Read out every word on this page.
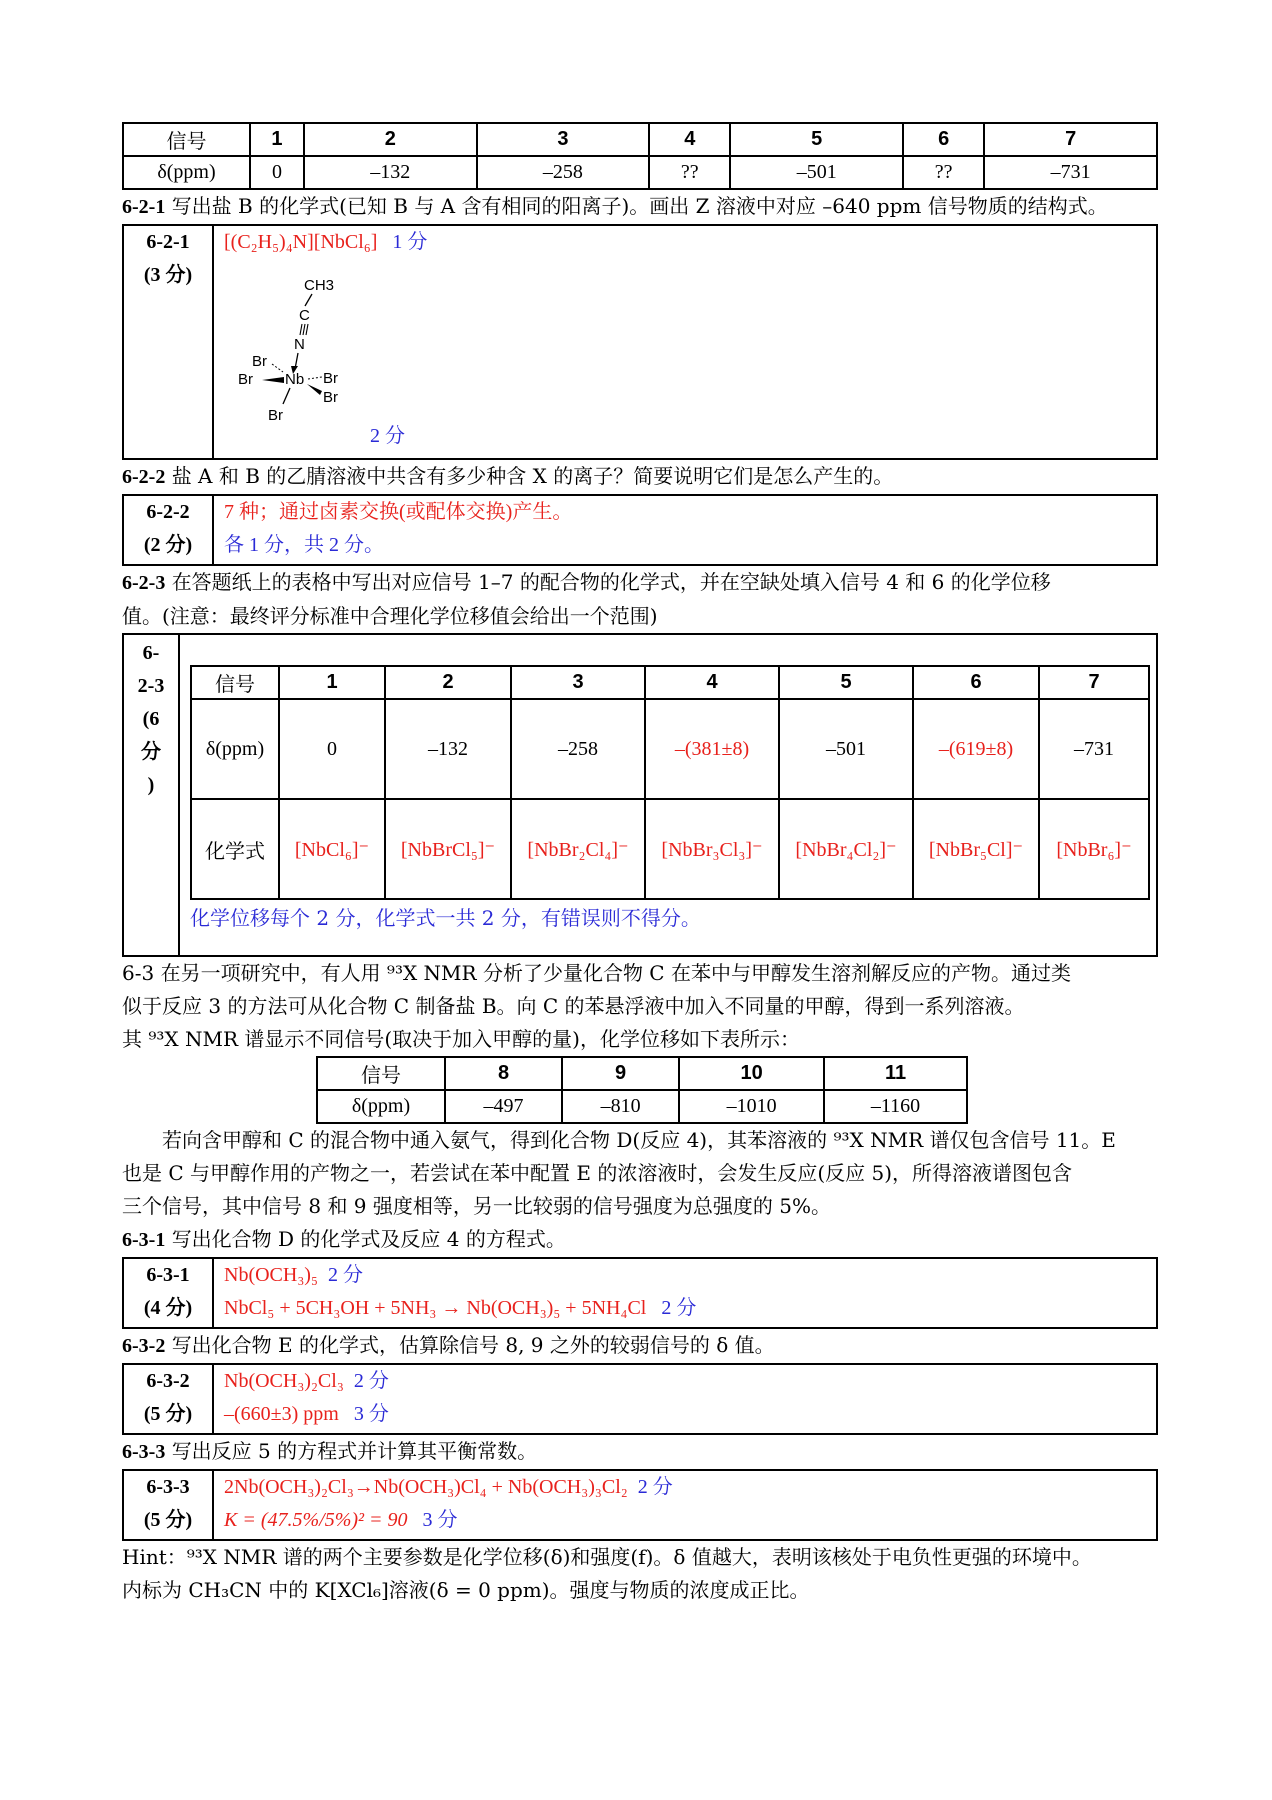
信号	1	2	3	4	5	6	7
δ(ppm)	0	–132	–258	??	–501	??	–731

6-2-1 写出盐 B 的化学式(已知 B 与 A 含有相同的阳离子)。画出 Z 溶液中对应 –640 ppm 信号物质的结构式。

6-2-1
(3 分)
[(C₂H₅)₄N][NbCl₆] 1 分
CH3
C
N
Br
Br Nb Br
Br
Br
2 分

6-2-2 盐 A 和 B 的乙腈溶液中共含有多少种含 X 的离子？简要说明它们是怎么产生的。

6-2-2
(2 分)
7 种；通过卤素交换(或配体交换)产生。
各 1 分，共 2 分。

6-2-3 在答题纸上的表格中写出对应信号 1–7 的配合物的化学式，并在空缺处填入信号 4 和 6 的化学位移
值。(注意：最终评分标准中合理化学位移值会给出一个范围)

6-
2-3
(6
分
)
信号	1	2	3	4	5	6	7
δ(ppm)	0	–132	–258	–(381±8)	–501	–(619±8)	–731
化学式	[NbCl₆]⁻	[NbBrCl₅]⁻	[NbBr₂Cl₄]⁻	[NbBr₃Cl₃]⁻	[NbBr₄Cl₂]⁻	[NbBr₅Cl]⁻	[NbBr₆]⁻
化学位移每个 2 分，化学式一共 2 分，有错误则不得分。

6-3 在另一项研究中，有人用 ⁹³X NMR 分析了少量化合物 C 在苯中与甲醇发生溶剂解反应的产物。通过类
似于反应 3 的方法可从化合物 C 制备盐 B。向 C 的苯悬浮液中加入不同量的甲醇，得到一系列溶液。
其 ⁹³X NMR 谱显示不同信号(取决于加入甲醇的量)，化学位移如下表所示：

信号	8	9	10	11
δ(ppm)	–497	–810	–1010	–1160

若向含甲醇和 C 的混合物中通入氨气，得到化合物 D(反应 4)，其苯溶液的 ⁹³X NMR 谱仅包含信号 11。E
也是 C 与甲醇作用的产物之一，若尝试在苯中配置 E 的浓溶液时，会发生反应(反应 5)，所得溶液谱图包含
三个信号，其中信号 8 和 9 强度相等，另一比较弱的信号强度为总强度的 5%。

6-3-1 写出化合物 D 的化学式及反应 4 的方程式。

6-3-1
(4 分)
Nb(OCH₃)₅ 2 分
NbCl₅ + 5CH₃OH + 5NH₃ → Nb(OCH₃)₅ + 5NH₄Cl 2 分

6-3-2 写出化合物 E 的化学式，估算除信号 8, 9 之外的较弱信号的 δ 值。

6-3-2
(5 分)
Nb(OCH₃)₂Cl₃ 2 分
–(660±3) ppm 3 分

6-3-3 写出反应 5 的方程式并计算其平衡常数。

6-3-3
(5 分)
2Nb(OCH₃)₂Cl₃→Nb(OCH₃)Cl₄ + Nb(OCH₃)₃Cl₂ 2 分
K = (47.5%/5%)² = 90 3 分

Hint：⁹³X NMR 谱的两个主要参数是化学位移(δ)和强度(f)。δ 值越大，表明该核处于电负性更强的环境中。
内标为 CH₃CN 中的 K[XCl₆]溶液(δ = 0 ppm)。强度与物质的浓度成正比。
